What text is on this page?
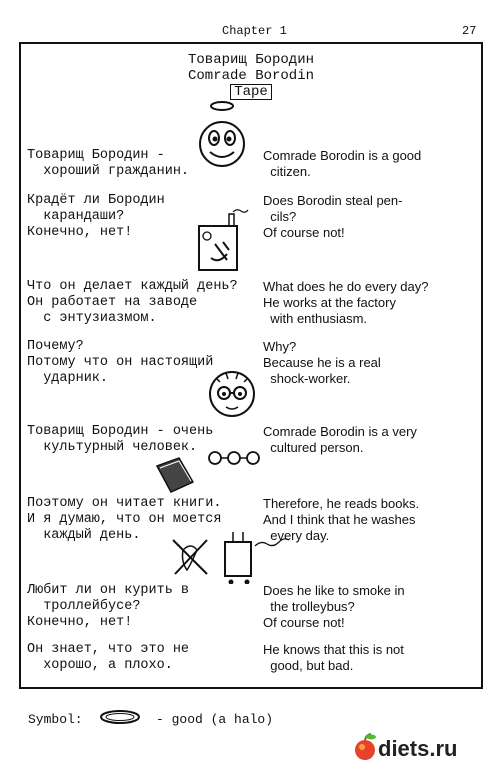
Chapter 1	27
Товарищ Бородин
Comrade Borodin
Tape
Товарищ Бородин -
хороший гражданин.
Comrade Borodin is a good
citizen.
Крадёт ли Бородин
карандаши?
Конечно, нет!
Does Borodin steal pen-
cils?
Of course not!
Что он делает каждый день?
Он работает на заводе
с энтузиазмом.
What does he do every day?
He works at the factory
with enthusiasm.
Почему?
Потому что он настоящий
ударник.
Why?
Because he is a real
shock-worker.
Товарищ Бородин - очень
культурный человек.
Comrade Borodin is a very
cultured person.
Поэтому он читает книги.
И я думаю, что он моется
каждый день.
Therefore, he reads books.
And I think that he washes
every day.
Любит ли он курить в
троллейбусе?
Конечно, нет!
Does he like to smoke in
the trolleybus?
Of course not!
Он знает, что это не
хорошо, а плохо.
He knows that this is not
good, but bad.
Symbol:	- good (a halo)
diets.ru
